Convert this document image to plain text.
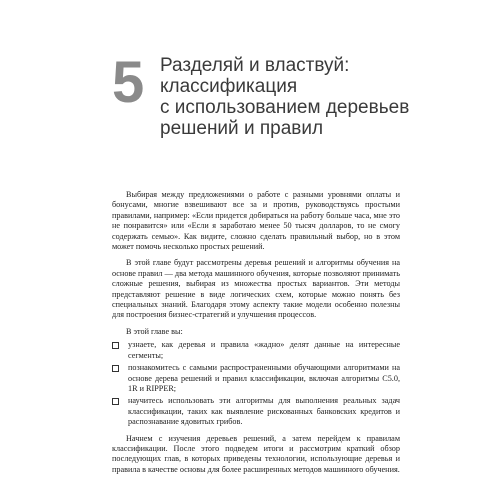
5 Разделяй и властвуй:
классификация
с использованием деревьев
решений и правил

Выбирая между предложениями о работе с разными уровнями оплаты и бонусами, многие взвешивают все за и против, руководствуясь простыми правилами, например: «Если придется добираться на работу больше часа, мне это не понравится» или «Если я заработаю менее 50 тысяч долларов, то не смогу содержать семью». Как видите, сложно сделать правильный выбор, но в этом может помочь несколько простых решений.

В этой главе будут рассмотрены деревья решений и алгоритмы обучения на основе правил — два метода машинного обучения, которые позволяют принимать сложные решения, выбирая из множества простых вариантов. Эти методы представляют решение в виде логических схем, которые можно понять без специальных знаний. Благодаря этому аспекту такие модели особенно полезны для построения бизнес-стратегий и улучшения процессов.

В этой главе вы:

узнаете, как деревья и правила «жадно» делят данные на интересные сегменты;
познакомитесь с самыми распространенными обучающими алгоритмами на основе дерева решений и правил классификации, включая алгоритмы C5.0, 1R и RIPPER;
научитесь использовать эти алгоритмы для выполнения реальных задач классификации, таких как выявление рискованных банковских кредитов и распознавание ядовитых грибов.

Начнем с изучения деревьев решений, а затем перейдем к правилам классификации. После этого подведем итоги и рассмотрим краткий обзор последующих глав, в которых приведены технологии, использующие деревья и правила в качестве основы для более расширенных методов машинного обучения.
